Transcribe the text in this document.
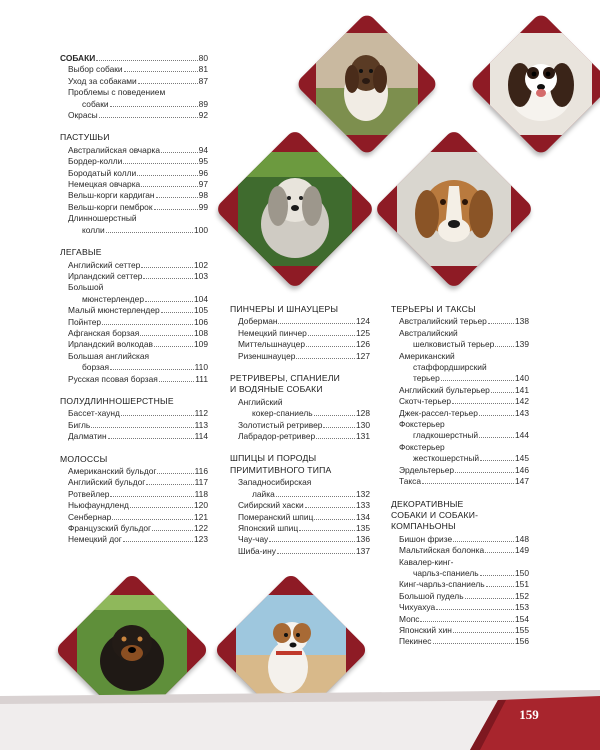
СОБАКИ	80
Выбор собаки	81
Уход за собаками	87
Проблемы с поведением
собаки	89
Окрасы	92
ПАСТУШЬИ
Австралийская овчарка	94
Бордер-колли	95
Бородатый колли	96
Немецкая овчарка	97
Вельш-корги кардиган	98
Вельш-корги пемброк	99
Длинношерстный
колли	100
ЛЕГАВЫЕ
Английский сеттер	102
Ирландский сеттер	103
Большой
мюнстерлендер	104
Малый мюнстерлендер	105
Пойнтер	106
Афганская борзая	108
Ирландский волкодав	109
Большая английская
борзая	110
Русская псовая борзая	111
ПОЛУДЛИННОШЕРСТНЫЕ
Бассет-хаунд	112
Бигль	113
Далматин	114
МОЛОССЫ
Американский бульдог	116
Английский бульдог	117
Ротвейлер	118
Ньюфаундленд	120
Сенбернар	121
Французский бульдог	122
Немецкий дог	123
ПИНЧЕРЫ И ШНАУЦЕРЫ
Доберман	124
Немецкий пинчер	125
Миттельшнауцер	126
Ризеншнауцер	127
РЕТРИВЕРЫ, СПАНИЕЛИ
И ВОДЯНЫЕ СОБАКИ
Английский
кокер-спаниель	128
Золотистый ретривер	130
Лабрадор-ретривер	131
ШПИЦЫ И ПОРОДЫ
ПРИМИТИВНОГО ТИПА
Западносибирская
лайка	132
Сибирский хаски	133
Померанский шпиц	134
Японский шпиц	135
Чау-чау	136
Шиба-ину	137
ТЕРЬЕРЫ И ТАКСЫ
Австралийский терьер	138
Австралийский
шелковистый терьер 139
Американский
стаффордширский
терьер	140
Английский бультерьер	141
Скотч-терьер	142
Джек-рассел-терьер	143
Фокстерьер
гладкошерстный	144
Фокстерьер
жесткошерстный	145
Эрдельтерьер	146
Такса	147
ДЕКОРАТИВНЫЕ
СОБАКИ И СОБАКИ-
КОМПАНЬОНЫ
Бишон фризе	148
Мальтийская болонка	149
Кавалер-кинг-
чарльз-спаниель	150
Кинг-чарльз-спаниель	151
Большой пудель	152
Чихуахуа	153
Мопс	154
Японский хин	155
Пекинес	156
159
